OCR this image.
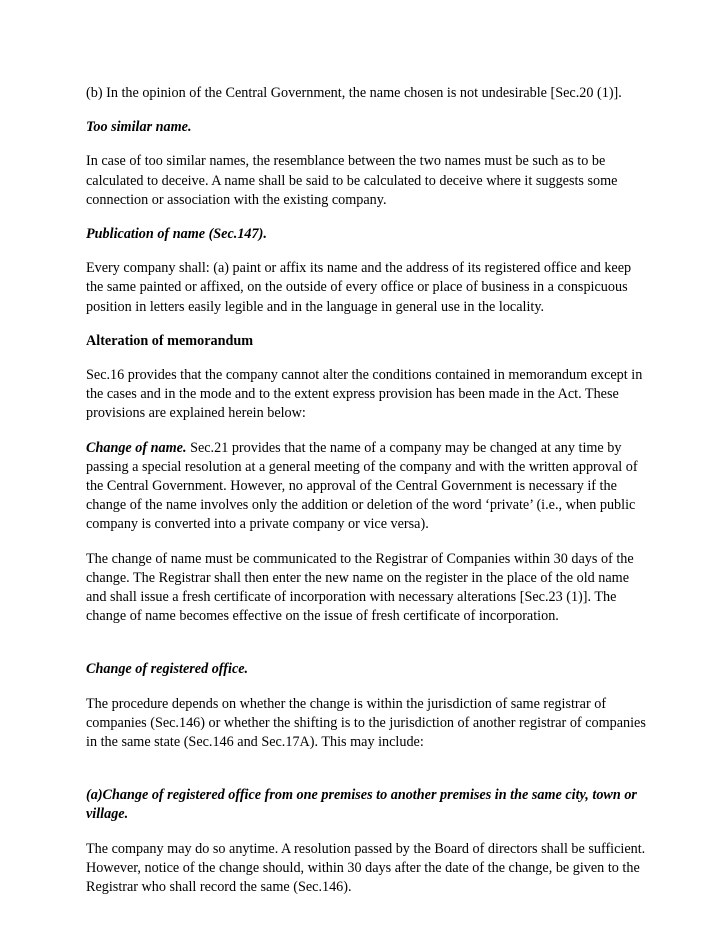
(b) In the opinion of the Central Government, the name chosen is not undesirable [Sec.20 (1)].

Too similar name.

In case of too similar names, the resemblance between the two names must be such as to be calculated to deceive. A name shall be said to be calculated to deceive where it suggests some connection or association with the existing company.

Publication of name (Sec.147).

Every company shall: (a) paint or affix its name and the address of its registered office and keep the same painted or affixed, on the outside of every office or place of business in a conspicuous position in letters easily legible and in the language in general use in the locality.

Alteration of memorandum

Sec.16 provides that the company cannot alter the conditions contained in memorandum except in the cases and in the mode and to the extent express provision has been made in the Act. These provisions are explained herein below:

Change of name. Sec.21 provides that the name of a company may be changed at any time by passing a special resolution at a general meeting of the company and with the written approval of the Central Government. However, no approval of the Central Government is necessary if the change of the name involves only the addition or deletion of the word ‘private’ (i.e., when public company is converted into a private company or vice versa).

The change of name must be communicated to the Registrar of Companies within 30 days of the change. The Registrar shall then enter the new name on the register in the place of the old name and shall issue a fresh certificate of incorporation with necessary alterations [Sec.23 (1)]. The change of name becomes effective on the issue of fresh certificate of incorporation.

Change of registered office.

The procedure depends on whether the change is within the jurisdiction of same registrar of companies (Sec.146) or whether the shifting is to the jurisdiction of another registrar of companies in the same state (Sec.146 and Sec.17A). This may include:

(a)Change of registered office from one premises to another premises in the same city, town or village.

The company may do so anytime. A resolution passed by the Board of directors shall be sufficient. However, notice of the change should, within 30 days after the date of the change, be given to the Registrar who shall record the same (Sec.146).
